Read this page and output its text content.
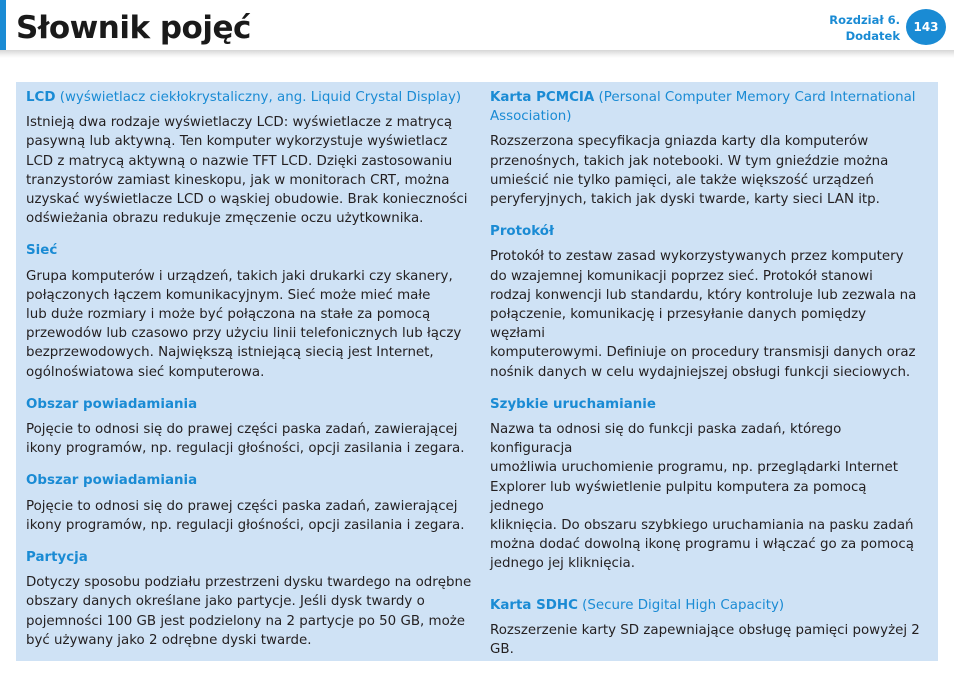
Słownik pojęć	Rozdział 6.
Dodatek
143
LCD (wyświetlacz ciekłokrystaliczny, ang. Liquid Crystal Display)
Istnieją dwa rodzaje wyświetlaczy LCD: wyświetlacze z matrycą
pasywną lub aktywną. Ten komputer wykorzystuje wyświetlacz
LCD z matrycą aktywną o nazwie TFT LCD. Dzięki zastosowaniu
tranzystorów zamiast kineskopu, jak w monitorach CRT, można
uzyskać wyświetlacze LCD o wąskiej obudowie. Brak konieczności
odświeżania obrazu redukuje zmęczenie oczu użytkownika.
Sieć
Grupa komputerów i urządzeń, takich jaki drukarki czy skanery,
połączonych łączem komunikacyjnym. Sieć może mieć małe
lub duże rozmiary i może być połączona na stałe za pomocą
przewodów lub czasowo przy użyciu linii telefonicznych lub łączy
bezprzewodowych. Największą istniejącą siecią jest Internet,
ogólnoświatowa sieć komputerowa.
Obszar powiadamiania
Pojęcie to odnosi się do prawej części paska zadań, zawierającej
ikony programów, np. regulacji głośności, opcji zasilania i zegara.
Obszar powiadamiania
Pojęcie to odnosi się do prawej części paska zadań, zawierającej
ikony programów, np. regulacji głośności, opcji zasilania i zegara.
Partycja
Dotyczy sposobu podziału przestrzeni dysku twardego na odrębne
obszary danych określane jako partycje. Jeśli dysk twardy o
pojemności 100 GB jest podzielony na 2 partycje po 50 GB, może
być używany jako 2 odrębne dyski twarde.
Karta PCMCIA (Personal Computer Memory Card International Association)
Rozszerzona specyfikacja gniazda karty dla komputerów
przenośnych, takich jak notebooki. W tym gnieździe można
umieścić nie tylko pamięci, ale także większość urządzeń
peryferyjnych, takich jak dyski twarde, karty sieci LAN itp.
Protokół
Protokół to zestaw zasad wykorzystywanych przez komputery
do wzajemnej komunikacji poprzez sieć. Protokół stanowi
rodzaj konwencji lub standardu, który kontroluje lub zezwala na
połączenie, komunikację i przesyłanie danych pomiędzy węzłami
komputerowymi. Definiuje on procedury transmisji danych oraz
nośnik danych w celu wydajniejszej obsługi funkcji sieciowych.
Szybkie uruchamianie
Nazwa ta odnosi się do funkcji paska zadań, którego konfiguracja
umożliwia uruchomienie programu, np. przeglądarki Internet
Explorer lub wyświetlenie pulpitu komputera za pomocą jednego
kliknięcia. Do obszaru szybkiego uruchamiania na pasku zadań
można dodać dowolną ikonę programu i włączać go za pomocą
jednego jej kliknięcia.
Karta SDHC (Secure Digital High Capacity)
Rozszerzenie karty SD zapewniające obsługę pamięci powyżej 2
GB.
